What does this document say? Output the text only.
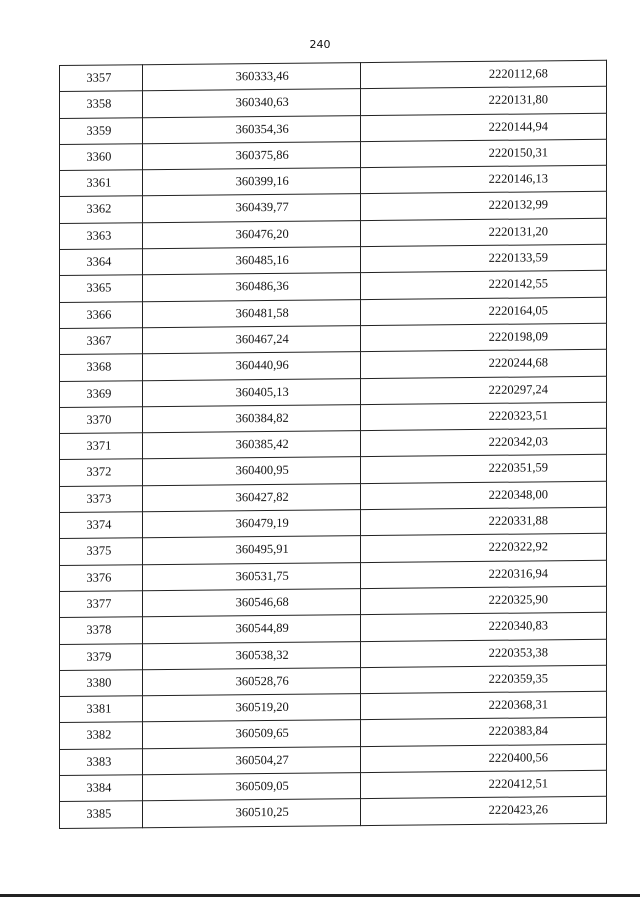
240
3357	360333,46	2220112,68

3358	360340,63	2220131,80

3359	360354,36	2220144,94

3360	360375,86	2220150,31

3361	360399,16	2220146,13

3362	360439,77	2220132,99

3363	360476,20	2220131,20

3364	360485,16	2220133,59

3365	360486,36	2220142,55

3366	360481,58	2220164,05

3367	360467,24	2220198,09

3368	360440,96	2220244,68

3369	360405,13	2220297,24

3370	360384,82	2220323,51

3371	360385,42	2220342,03

3372	360400,95	2220351,59

3373	360427,82	2220348,00

3374	360479,19	2220331,88

3375	360495,91	2220322,92

3376	360531,75	2220316,94

3377	360546,68	2220325,90

3378	360544,89	2220340,83

3379	360538,32	2220353,38

3380	360528,76	2220359,35

3381	360519,20	2220368,31

3382	360509,65	2220383,84

3383	360504,27	2220400,56

3384	360509,05	2220412,51

3385	360510,25	2220423,26
